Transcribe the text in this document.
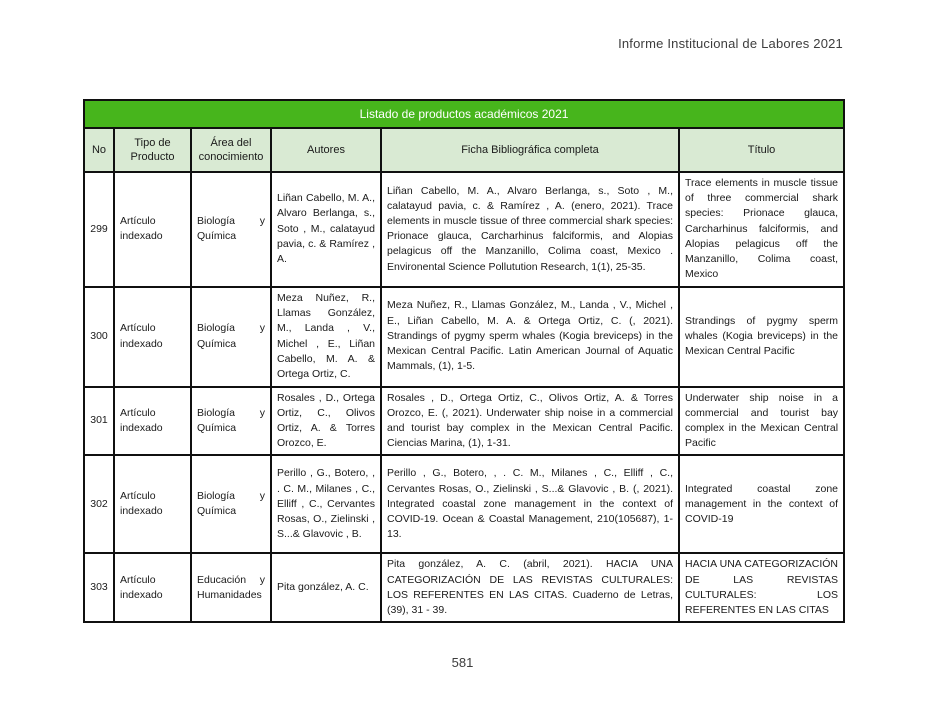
Informe Institucional de Labores 2021
Listado de productos académicos 2021					
No	Tipo de Producto	Área del conocimiento	Autores	Ficha Bibliográfica completa	Título
299	Artículo indexado	Biología y Química	Liñan Cabello, M. A., Alvaro Berlanga, s., Soto , M., calatayud pavia, c. & Ramírez , A.	Liñan Cabello, M. A., Alvaro Berlanga, s., Soto , M., calatayud pavia, c. & Ramírez , A. (enero, 2021). Trace elements in muscle tissue of three commercial shark species: Prionace glauca, Carcharhinus falciformis, and Alopias pelagicus off the Manzanillo, Colima coast, Mexico . Environental Science Pollutution Research, 1(1), 25-35.	Trace elements in muscle tissue of three commercial shark species: Prionace glauca, Carcharhinus falciformis, and Alopias pelagicus off the Manzanillo, Colima coast, Mexico
300	Artículo indexado	Biología y Química	Meza Nuñez, R., Llamas González, M., Landa , V., Michel , E., Liñan Cabello, M. A. & Ortega Ortiz, C.	Meza Nuñez, R., Llamas González, M., Landa , V., Michel , E., Liñan Cabello, M. A. & Ortega Ortiz, C. (, 2021). Strandings of pygmy sperm whales (Kogia breviceps) in the Mexican Central Pacific. Latin American Journal of Aquatic Mammals, (1), 1-5.	Strandings of pygmy sperm whales (Kogia breviceps) in the Mexican Central Pacific
301	Artículo indexado	Biología y Química	Rosales , D., Ortega Ortiz, C., Olivos Ortiz, A. & Torres Orozco, E.	Rosales , D., Ortega Ortiz, C., Olivos Ortiz, A. & Torres Orozco, E. (, 2021). Underwater ship noise in a commercial and tourist bay complex in the Mexican Central Pacific. Ciencias Marina, (1), 1-31.	Underwater ship noise in a commercial and tourist bay complex in the Mexican Central Pacific
302	Artículo indexado	Biología y Química	Perillo , G., Botero, , . C. M., Milanes , C., Elliff , C., Cervantes Rosas, O., Zielinski , S...& Glavovic , B.	Perillo , G., Botero, , . C. M., Milanes , C., Elliff , C., Cervantes Rosas, O., Zielinski , S...& Glavovic , B. (, 2021). Integrated coastal zone management in the context of COVID-19. Ocean & Coastal Management, 210(105687), 1-13.	Integrated coastal zone management in the context of COVID-19
303	Artículo indexado	Educación y Humanidades	Pita gonzález, A. C.	Pita gonzález, A. C. (abril, 2021). HACIA UNA CATEGORIZACIÓN DE LAS REVISTAS CULTURALES: LOS REFERENTES EN LAS CITAS. Cuaderno de Letras, (39), 31 - 39.	HACIA UNA CATEGORIZACIÓN DE LAS REVISTAS CULTURALES: LOS REFERENTES EN LAS CITAS
581
